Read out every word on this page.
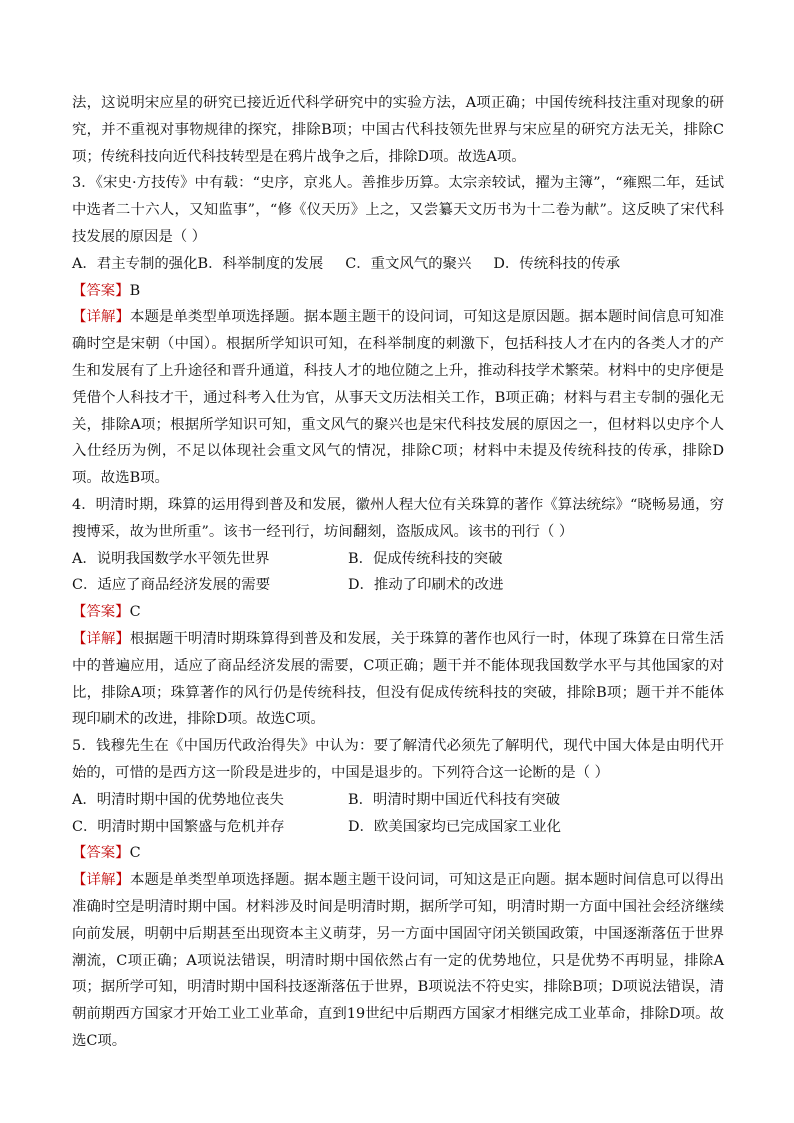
法，这说明宋应星的研究已接近近代科学研究中的实验方法，A项正确；中国传统科技注重对现象的研究，并不重视对事物规律的探究，排除B项；中国古代科技领先世界与宋应星的研究方法无关，排除C项；传统科技向近代科技转型是在鸦片战争之后，排除D项。故选A项。

3．《宋史·方技传》中有载：“史序，京兆人。善推步历算。太宗亲较试，擢为主簿”，“雍熙二年，廷试中选者二十六人，又知监事”，“修《仪天历》上之，又尝纂天文历书为十二卷为献”。这反映了宋代科技发展的原因是（ ）

A．君主专制的强化B．科举制度的发展 C．重文风气的聚兴 D．传统科技的传承

【答案】B

【详解】本题是单类型单项选择题。据本题主题干的设问词，可知这是原因题。据本题时间信息可知准确时空是宋朝（中国）。根据所学知识可知，在科举制度的刺激下，包括科技人才在内的各类人才的产生和发展有了上升途径和晋升通道，科技人才的地位随之上升，推动科技学术繁荣。材料中的史序便是凭借个人科技才干，通过科考入仕为官，从事天文历法相关工作，B项正确；材料与君主专制的强化无关，排除A项；根据所学知识可知，重文风气的聚兴也是宋代科技发展的原因之一，但材料以史序个人入仕经历为例，不足以体现社会重文风气的情况，排除C项；材料中未提及传统科技的传承，排除D项。故选B项。

4．明清时期，珠算的运用得到普及和发展，徽州人程大位有关珠算的著作《算法统综》“晓畅易通，穷搜博采，故为世所重”。该书一经刊行，坊间翻刻，盗版成风。该书的刊行（ ）

A．说明我国数学水平领先世界	B．促成传统科技的突破
C．适应了商品经济发展的需要	D．推动了印刷术的改进

【答案】C

【详解】根据题干明清时期珠算得到普及和发展，关于珠算的著作也风行一时，体现了珠算在日常生活中的普遍应用，适应了商品经济发展的需要，C项正确；题干并不能体现我国数学水平与其他国家的对比，排除A项；珠算著作的风行仍是传统科技，但没有促成传统科技的突破，排除B项；题干并不能体现印刷术的改进，排除D项。故选C项。

5．钱穆先生在《中国历代政治得失》中认为：要了解清代必须先了解明代，现代中国大体是由明代开始的，可惜的是西方这一阶段是进步的，中国是退步的。下列符合这一论断的是（ ）

A．明清时期中国的优势地位丧失	B．明清时期中国近代科技有突破
C．明清时期中国繁盛与危机并存	D．欧美国家均已完成国家工业化

【答案】C

【详解】本题是单类型单项选择题。据本题主题干设问词，可知这是正向题。据本题时间信息可以得出准确时空是明清时期中国。材料涉及时间是明清时期，据所学可知，明清时期一方面中国社会经济继续向前发展，明朝中后期甚至出现资本主义萌芽，另一方面中国固守闭关锁国政策，中国逐渐落伍于世界潮流，C项正确；A项说法错误，明清时期中国依然占有一定的优势地位，只是优势不再明显，排除A项；据所学可知，明清时期中国科技逐渐落伍于世界，B项说法不符史实，排除B项；D项说法错误，清朝前期西方国家才开始工业工业革命，直到19世纪中后期西方国家才相继完成工业革命，排除D项。故选C项。
